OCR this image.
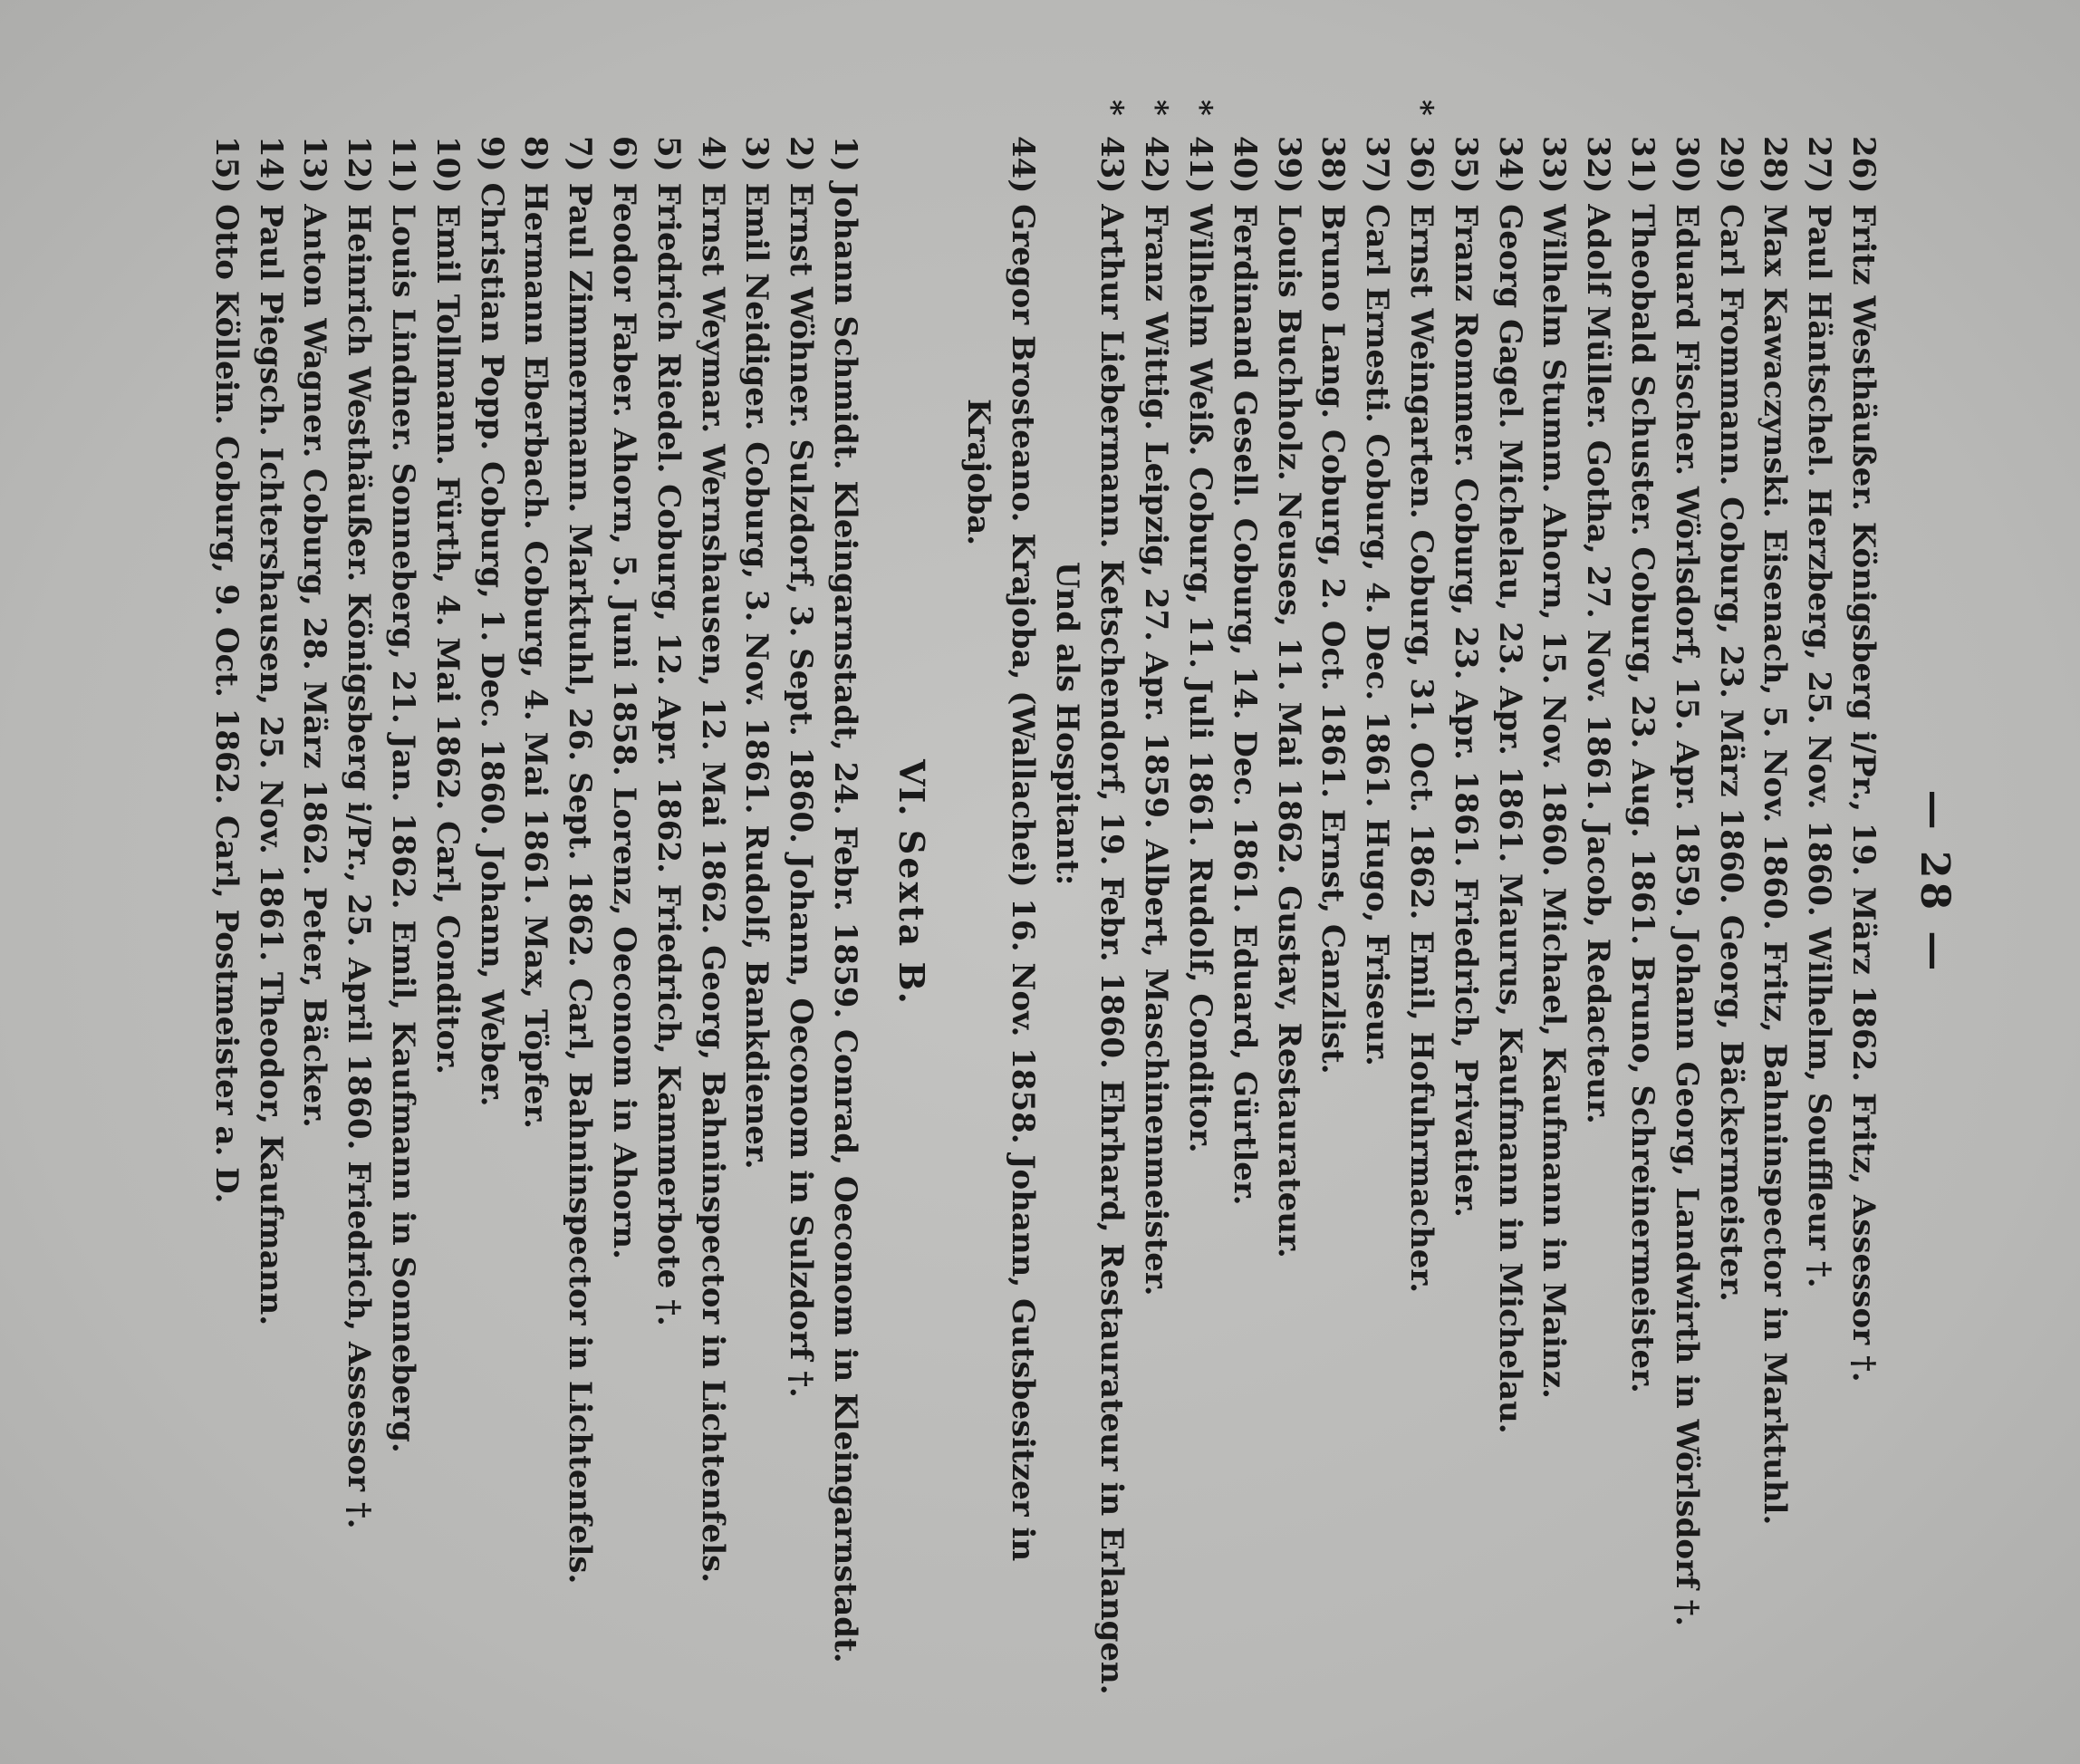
— 28 —
26) Fritz Westhäußer. Königsberg i/Pr., 19. März 1862. Fritz, Assessor †.
27) Paul Häntschel. Herzberg, 25. Nov. 1860. Wilhelm, Souffleur †.
28) Max Kawaczynski. Eisenach, 5. Nov. 1860. Fritz, Bahninspector in Marktuhl.
29) Carl Frommann. Coburg, 23. März 1860. Georg, Bäckermeister.
30) Eduard Fischer. Wörlsdorf, 15. Apr. 1859. Johann Georg, Landwirth in Wörlsdorf †.
31) Theobald Schuster. Coburg, 23. Aug. 1861. Bruno, Schreinermeister.
32) Adolf Müller. Gotha, 27. Nov. 1861. Jacob, Redacteur.
33) Wilhelm Stumm. Ahorn, 15. Nov. 1860. Michael, Kaufmann in Mainz.
34) Georg Gagel. Michelau, 23. Apr. 1861. Maurus, Kaufmann in Michelau.
35) Franz Rommer. Coburg, 23. Apr. 1861. Friedrich, Privatier.
*
36) Ernst Weingarten. Coburg, 31. Oct. 1862. Emil, Hofuhrmacher.
37) Carl Ernesti. Coburg, 4. Dec. 1861. Hugo, Friseur.
38) Bruno Lang. Coburg, 2. Oct. 1861. Ernst, Canzlist.
39) Louis Buchholz. Neuses, 11. Mai 1862. Gustav, Restaurateur.
40) Ferdinand Gesell. Coburg, 14. Dec. 1861. Eduard, Gürtler.
*
41) Wilhelm Weiß. Coburg, 11. Juli 1861. Rudolf, Conditor.
*
42) Franz Wittig. Leipzig, 27. Apr. 1859. Albert, Maschinenmeister.
*
43) Arthur Liebermann. Ketschendorf, 19. Febr. 1860. Ehrhard, Restaurateur in Erlangen.
Und als Hospitant:
44) Gregor Brosteano. Krajoba, (Wallachei) 16. Nov. 1858. Johann, Gutsbesitzer in
Krajoba.
VI. Sexta B.
1) Johann Schmidt. Kleingarnstadt, 24. Febr. 1859. Conrad, Oeconom in Kleingarnstadt.
2) Ernst Wöhner. Sulzdorf, 3. Sept. 1860. Johann, Oeconom in Sulzdorf †.
3) Emil Neidiger. Coburg, 3. Nov. 1861. Rudolf, Bankdiener.
4) Ernst Weymar. Wernshausen, 12. Mai 1862. Georg, Bahninspector in Lichtenfels.
5) Friedrich Riedel. Coburg, 12. Apr. 1862. Friedrich, Kammerbote †.
6) Feodor Faber. Ahorn, 5. Juni 1858. Lorenz, Oeconom in Ahorn.
7) Paul Zimmermann. Marktuhl, 26. Sept. 1862. Carl, Bahninspector in Lichtenfels.
8) Hermann Eberbach. Coburg, 4. Mai 1861. Max, Töpfer.
9) Christian Popp. Coburg, 1. Dec. 1860. Johann, Weber.
10) Emil Tollmann. Fürth, 4. Mai 1862. Carl, Conditor.
11) Louis Lindner. Sonneberg, 21. Jan. 1862. Emil, Kaufmann in Sonneberg.
12) Heinrich Westhäußer. Königsberg i/Pr., 25. April 1860. Friedrich, Assessor †.
13) Anton Wagner. Coburg, 28. März 1862. Peter, Bäcker.
14) Paul Piegsch. Ichtershausen, 25. Nov. 1861. Theodor, Kaufmann.
15) Otto Köllein. Coburg, 9. Oct. 1862. Carl, Postmeister a. D.
